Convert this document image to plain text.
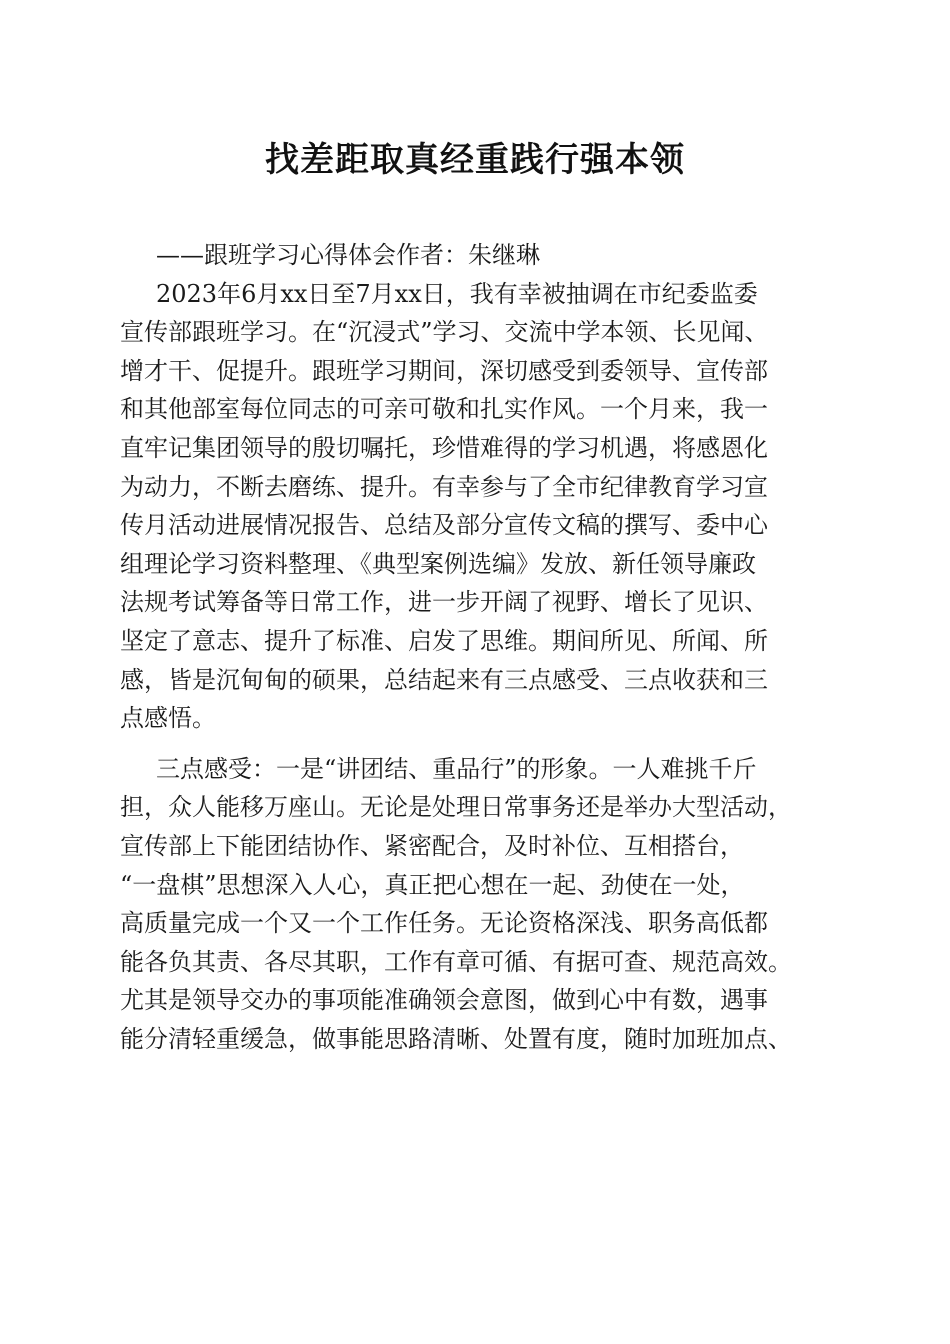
找差距取真经重践行强本领
——跟班学习心得体会作者：朱继琳
2023年6月xx日至7月xx日，我有幸被抽调在市纪委监委
宣传部跟班学习。在“沉浸式”学习、交流中学本领、长见闻、
增才干、促提升。跟班学习期间，深切感受到委领导、宣传部
和其他部室每位同志的可亲可敬和扎实作风。一个月来，我一
直牢记集团领导的殷切嘱托，珍惜难得的学习机遇，将感恩化
为动力，不断去磨练、提升。有幸参与了全市纪律教育学习宣
传月活动进展情况报告、总结及部分宣传文稿的撰写、委中心
组理论学习资料整理、《典型案例选编》发放、新任领导廉政
法规考试筹备等日常工作，进一步开阔了视野、增长了见识、
坚定了意志、提升了标准、启发了思维。期间所见、所闻、所
感，皆是沉甸甸的硕果，总结起来有三点感受、三点收获和三
点感悟。
三点感受：一是“讲团结、重品行”的形象。一人难挑千斤
担，众人能移万座山。无论是处理日常事务还是举办大型活动，
宣传部上下能团结协作、紧密配合，及时补位、互相搭台，
“一盘棋”思想深入人心，真正把心想在一起、劲使在一处，
高质量完成一个又一个工作任务。无论资格深浅、职务高低都
能各负其责、各尽其职，工作有章可循、有据可查、规范高效。
尤其是领导交办的事项能准确领会意图，做到心中有数，遇事
能分清轻重缓急，做事能思路清晰、处置有度，随时加班加点、
